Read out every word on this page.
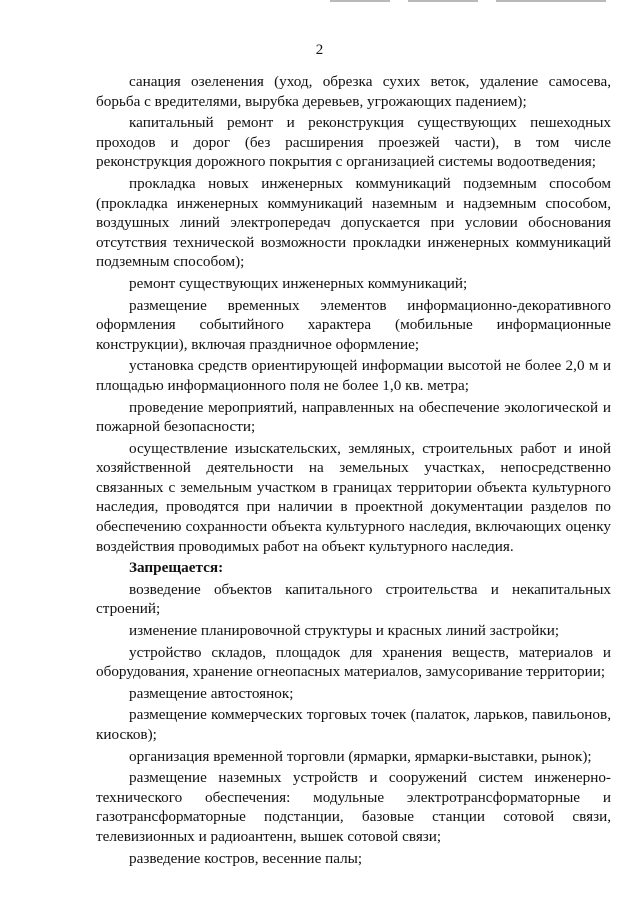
2

санация озеленения (уход, обрезка сухих веток, удаление самосева, борьба с вредителями, вырубка деревьев, угрожающих падением);

капитальный ремонт и реконструкция существующих пешеходных проходов и дорог (без расширения проезжей части), в том числе реконструкция дорожного покрытия с организацией системы водоотведения;

прокладка новых инженерных коммуникаций подземным способом (прокладка инженерных коммуникаций наземным и надземным способом, воздушных линий электропередач допускается при условии обоснования отсутствия технической возможности прокладки инженерных коммуникаций подземным способом);

ремонт существующих инженерных коммуникаций;

размещение временных элементов информационно-декоративного оформления событийного характера (мобильные информационные конструкции), включая праздничное оформление;

установка средств ориентирующей информации высотой не более 2,0 м и площадью информационного поля не более 1,0 кв. метра;

проведение мероприятий, направленных на обеспечение экологической и пожарной безопасности;

осуществление изыскательских, земляных, строительных работ и иной хозяйственной деятельности на земельных участках, непосредственно связанных с земельным участком в границах территории объекта культурного наследия, проводятся при наличии в проектной документации разделов по обеспечению сохранности объекта культурного наследия, включающих оценку воздействия проводимых работ на объект культурного наследия.

Запрещается:

возведение объектов капитального строительства и некапитальных строений;

изменение планировочной структуры и красных линий застройки;

устройство складов, площадок для хранения веществ, материалов и оборудования, хранение огнеопасных материалов, замусоривание территории;

размещение автостоянок;

размещение коммерческих торговых точек (палаток, ларьков, павильонов, киосков);

организация временной торговли (ярмарки, ярмарки-выставки, рынок);

размещение наземных устройств и сооружений систем инженерно-технического обеспечения: модульные электротрансформаторные и газотрансформаторные подстанции, базовые станции сотовой связи, телевизионных и радиоантенн, вышек сотовой связи;

разведение костров, весенние палы;
